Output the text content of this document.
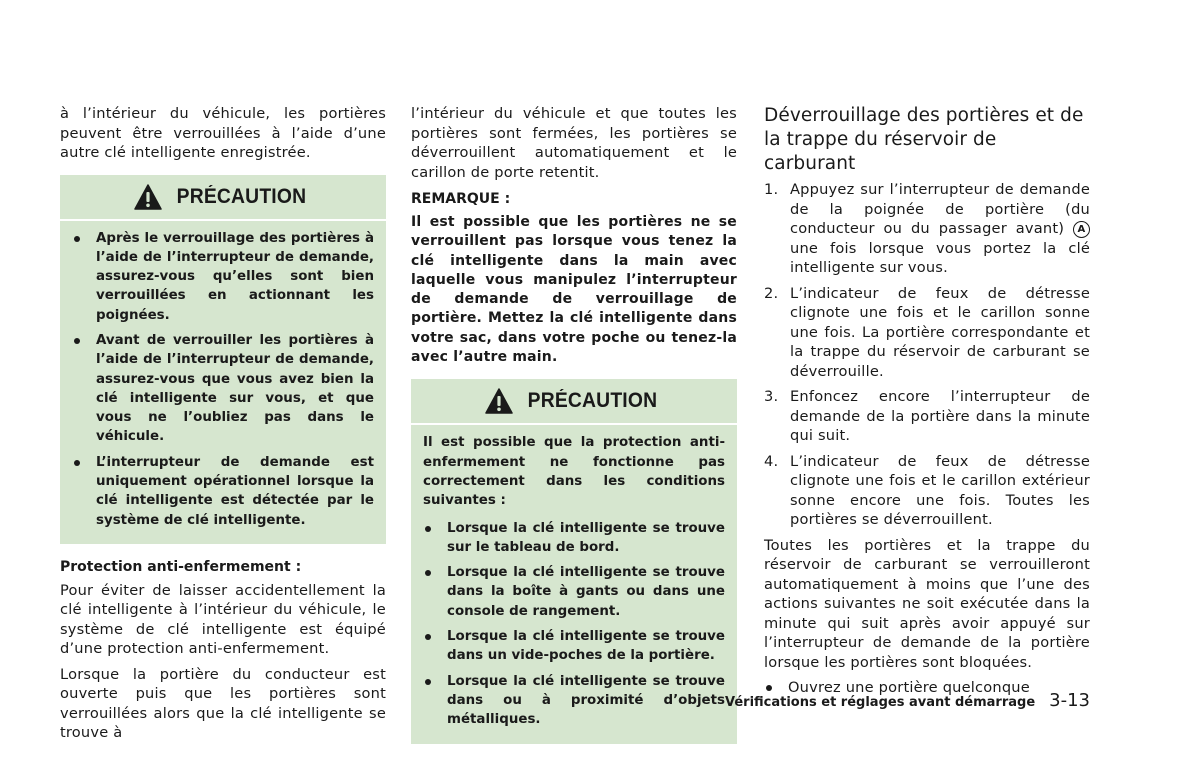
à l’intérieur du véhicule, les portières peuvent être verrouillées à l’aide d’une autre clé intelligente enregistrée.

PRÉCAUTION
Après le verrouillage des portières à l’aide de l’interrupteur de demande, assurez-vous qu’elles sont bien verrouillées en actionnant les poignées.
Avant de verrouiller les portières à l’aide de l’interrupteur de demande, assurez-vous que vous avez bien la clé intelligente sur vous, et que vous ne l’oubliez pas dans le véhicule.
L’interrupteur de demande est uniquement opérationnel lorsque la clé intelligente est détectée par le système de clé intelligente.

Protection anti-enfermement :

Pour éviter de laisser accidentellement la clé intelligente à l’intérieur du véhicule, le système de clé intelligente est équipé d’une protection anti-enfermement.

Lorsque la portière du conducteur est ouverte puis que les portières sont verrouillées alors que la clé intelligente se trouve à

l’intérieur du véhicule et que toutes les portières sont fermées, les portières se déverrouillent automatiquement et le carillon de porte retentit.

REMARQUE :

Il est possible que les portières ne se verrouillent pas lorsque vous tenez la clé intelligente dans la main avec laquelle vous manipulez l’interrupteur de demande de verrouillage de portière. Mettez la clé intelligente dans votre sac, dans votre poche ou tenez-la avec l’autre main.

PRÉCAUTION

Il est possible que la protection anti-enfermement ne fonctionne pas correctement dans les conditions suivantes :

Lorsque la clé intelligente se trouve sur le tableau de bord.
Lorsque la clé intelligente se trouve dans la boîte à gants ou dans une console de rangement.
Lorsque la clé intelligente se trouve dans un vide-poches de la portière.
Lorsque la clé intelligente se trouve dans ou à proximité d’objets métalliques.
Déverrouillage des portières et de
la trappe du réservoir de carburant
1. Appuyez sur l’interrupteur de demande de la poignée de portière (du conducteur ou du passager avant) A une fois lorsque vous portez la clé intelligente sur vous.
2. L’indicateur de feux de détresse clignote une fois et le carillon sonne une fois. La portière correspondante et la trappe du réservoir de carburant se déverrouille.
3. Enfoncez encore l’interrupteur de demande de la portière dans la minute qui suit.
4. L’indicateur de feux de détresse clignote une fois et le carillon extérieur sonne encore une fois. Toutes les portières se déverrouillent.

Toutes les portières et la trappe du réservoir de carburant se verrouilleront automatiquement à moins que l’une des actions suivantes ne soit exécutée dans la minute qui suit après avoir appuyé sur l’interrupteur de demande de la portière lorsque les portières sont bloquées.

Ouvrez une portière quelconque
Vérifications et réglages avant démarrage 3-13
